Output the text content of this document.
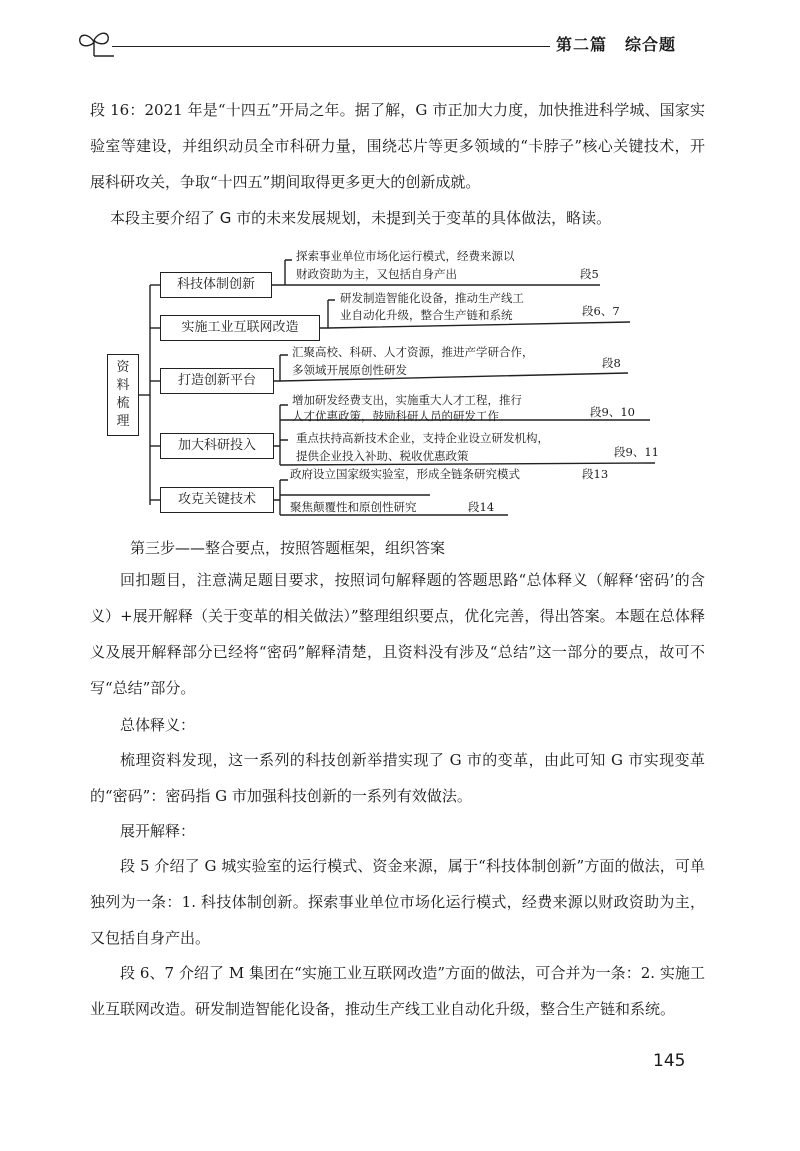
第二篇 综合题
段 16：2021 年是“十四五”开局之年。据了解，G 市正加大力度，加快推进科学城、国家实验室等建设，并组织动员全市科研力量，围绕芯片等更多领域的“卡脖子”核心关键技术，开展科研攻关，争取“十四五”期间取得更多更大的创新成就。
本段主要介绍了 G 市的未来发展规划，未提到关于变革的具体做法，略读。
资
料
梳
理
科技体制创新
实施工业互联网改造
打造创新平台
加大科研投入
攻克关键技术
探索事业单位市场化运行模式，经费来源以
财政资助为主，又包括自身产出	段5
研发制造智能化设备，推动生产线工
业自动化升级，整合生产链和系统	段6、7
汇聚高校、科研、人才资源，推进产学研合作，
多领域开展原创性研发	段8
增加研发经费支出，实施重大人才工程，推行
人才优惠政策，鼓励科研人员的研发工作	段9、10
重点扶持高新技术企业，支持企业设立研发机构，
提供企业投入补助、税收优惠政策	段9、11
政府设立国家级实验室，形成全链条研究模式	段13
聚焦颠覆性和原创性研究	段14
第三步——整合要点，按照答题框架，组织答案
回扣题目，注意满足题目要求，按照词句解释题的答题思路“总体释义（解释‘密码’的含义）+展开解释（关于变革的相关做法）”整理组织要点，优化完善，得出答案。本题在总体释义及展开解释部分已经将“密码”解释清楚，且资料没有涉及“总结”这一部分的要点，故可不写“总结”部分。
总体释义：
梳理资料发现，这一系列的科技创新举措实现了 G 市的变革，由此可知 G 市实现变革的“密码”：密码指 G 市加强科技创新的一系列有效做法。
展开解释：
段 5 介绍了 G 城实验室的运行模式、资金来源，属于“科技体制创新”方面的做法，可单独列为一条：1. 科技体制创新。探索事业单位市场化运行模式，经费来源以财政资助为主，又包括自身产出。
段 6、7 介绍了 M 集团在“实施工业互联网改造”方面的做法，可合并为一条：2. 实施工业互联网改造。研发制造智能化设备，推动生产线工业自动化升级，整合生产链和系统。
145
